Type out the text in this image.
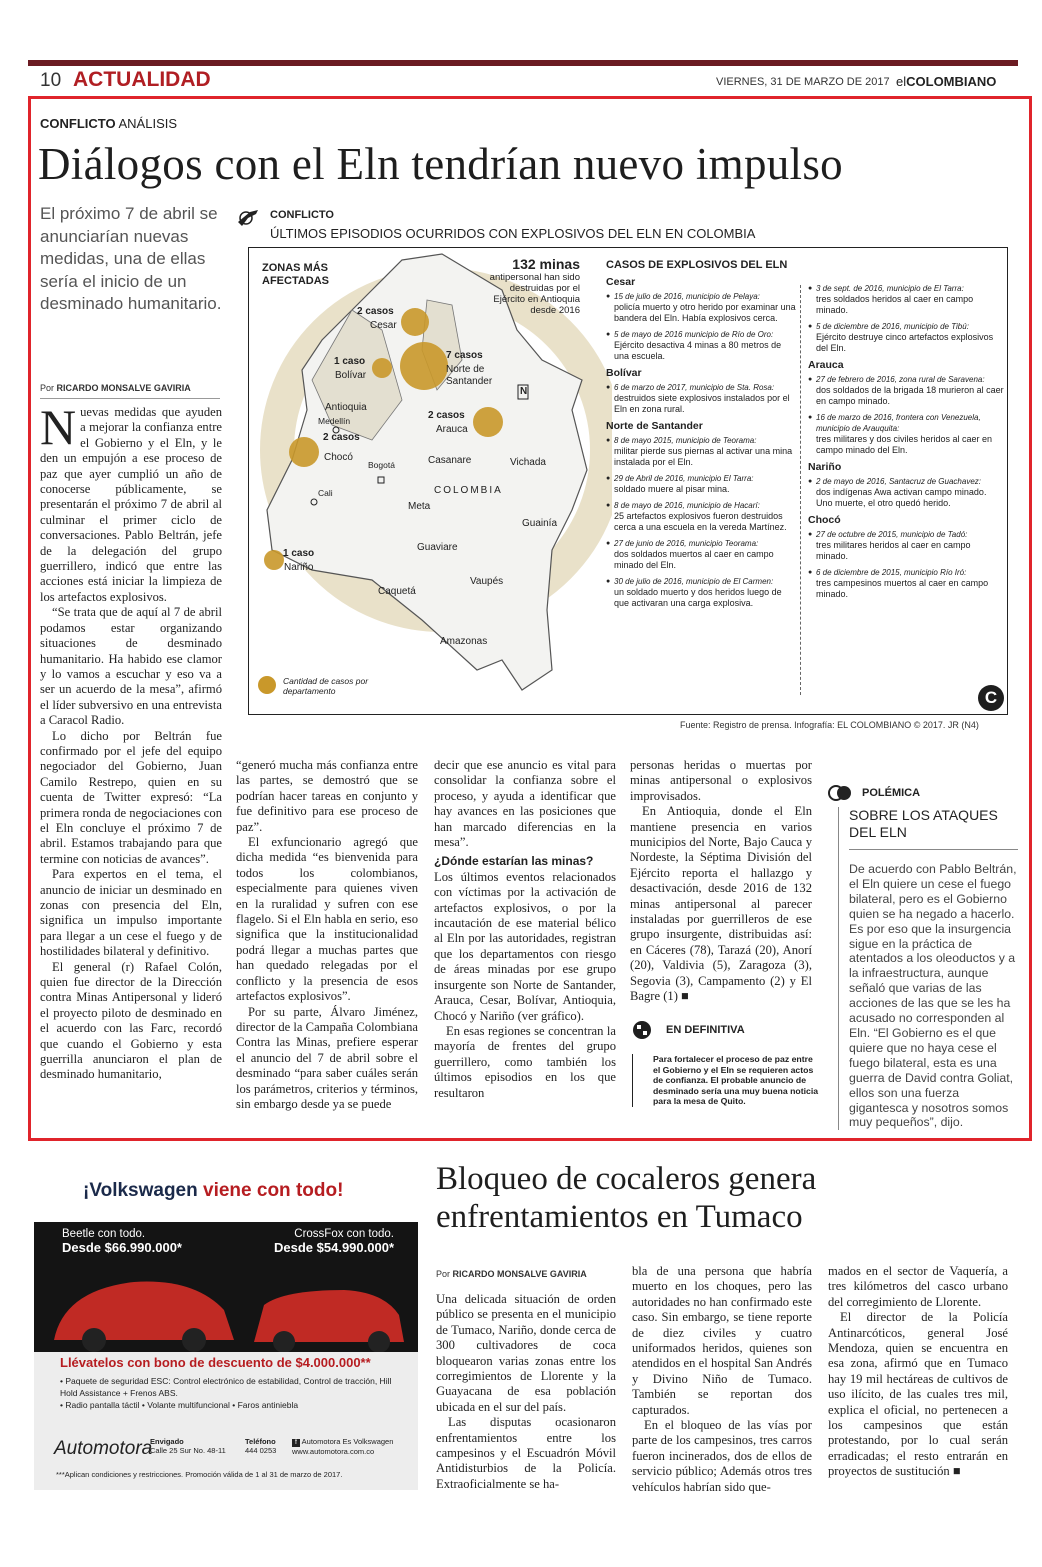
10 ACTUALIDAD	VIERNES, 31 DE MARZO DE 2017 elCOLOMBIANO
CONFLICTO ANÁLISIS
Diálogos con el Eln tendrían nuevo impulso
El próximo 7 de abril se anunciarían nuevas medidas, una de ellas sería el inicio de un desminado humanitario.
Por RICARDO MONSALVE GAVIRIA

Nuevas medidas que ayuden a mejorar la confianza entre el Gobierno y el Eln, y le den un empujón a ese proceso de paz que ayer cumplió un año de conocerse públicamente, se presentarán el próximo 7 de abril al culminar el primer ciclo de conversaciones. Pablo Beltrán, jefe de la delegación del grupo guerrillero, indicó que entre las acciones está iniciar la limpieza de los artefactos explosivos.

“Se trata que de aquí al 7 de abril podamos estar organizando situaciones de desminado humanitario. Ha habido ese clamor y lo vamos a escuchar y eso va a ser un acuerdo de la mesa”, afirmó el líder subversivo en una entrevista a Caracol Radio.

Lo dicho por Beltrán fue confirmado por el jefe del equipo negociador del Gobierno, Juan Camilo Restrepo, quien en su cuenta de Twitter expresó: “La primera ronda de negociaciones con el Eln concluye el próximo 7 de abril. Estamos trabajando para que termine con noticias de avances”.

Para expertos en el tema, el anuncio de iniciar un desminado en zonas con presencia del Eln, significa un impulso importante para llegar a un cese el fuego y de hostilidades bilateral y definitivo.

El general (r) Rafael Colón, quien fue director de la Dirección contra Minas Antipersonal y lideró el proyecto piloto de desminado en el acuerdo con las Farc, recordó que cuando el Gobierno y esta guerrilla anunciaron el plan de desminado humanitario,

“generó mucha más confianza entre las partes, se demostró que se podrían hacer tareas en conjunto y fue definitivo para ese proceso de paz”.

El exfuncionario agregó que dicha medida “es bienvenida para todos los colombianos, especialmente para quienes viven en la ruralidad y sufren con ese flagelo. Si el Eln habla en serio, eso significa que la institucionalidad podrá llegar a muchas partes que han quedado relegadas por el conflicto y la presencia de esos artefactos explosivos”.

Por su parte, Álvaro Jiménez, director de la Campaña Colombiana Contra las Minas, prefiere esperar el anuncio del 7 de abril sobre el desminado “para saber cuáles serán los parámetros, criterios y términos, sin embargo desde ya se puede

decir que ese anuncio es vital para consolidar la confianza sobre el proceso, y ayuda a identificar que hay avances en las posiciones que han marcado diferencias en la mesa”.

¿Dónde estarían las minas?

Los últimos eventos relacionados con víctimas por la activación de artefactos explosivos, o por la incautación de ese material bélico al Eln por las autoridades, registran que los departamentos con riesgo de áreas minadas por ese grupo insurgente son Norte de Santander, Arauca, Cesar, Bolívar, Antioquia, Chocó y Nariño (ver gráfico).

En esas regiones se concentran la mayoría de frentes del grupo guerrillero, como también los últimos episodios en los que resultaron

personas heridas o muertas por minas antipersonal o explosivos improvisados.

En Antioquia, donde el Eln mantiene presencia en varios municipios del Norte, Bajo Cauca y Nordeste, la Séptima División del Ejército reporta el hallazgo y desactivación, desde 2016 de 132 minas antipersonal al parecer instaladas por guerrilleros de ese grupo insurgente, distribuidas así: en Cáceres (78), Tarazá (20), Anorí (20), Valdivia (5), Zaragoza (3), Segovia (3), Campamento (2) y El Bagre (1) ■

EN DEFINITIVA
Para fortalecer el proceso de paz entre el Gobierno y el Eln se requieren actos de confianza. El probable anuncio de desminado sería una muy buena noticia para la mesa de Quito.
POLÉMICA
SOBRE LOS ATAQUES DEL ELN
De acuerdo con Pablo Beltrán, el Eln quiere un cese el fuego bilateral, pero es el Gobierno quien se ha negado a hacerlo. Es por eso que la insurgencia sigue en la práctica de atentados a los oleoductos y a la infraestructura, aunque señaló que varias de las acciones de las que se les ha acusado no corresponden al Eln. “El Gobierno es el que quiere que no haya cese el fuego bilateral, esta es una guerra de David contra Goliat, ellos son una fuerza gigantesca y nosotros somos muy pequeños”, dijo.
CONFLICTO
ÚLTIMOS EPISODIOS OCURRIDOS CON EXPLOSIVOS DEL ELN EN COLOMBIA
ZONAS MÁS AFECTADAS
132 minas
antipersonal han sido destruidas por el Ejército en Antioquia desde 2016
2 casos
Cesar
1 caso
Bolívar
7 casos
Norte de Santander
2 casos
Arauca
2 casos
Chocó
1 caso
Nariño
Antioquia
Medellín
Bogotá
Cali
Casanare	Vichada
COLOMBIA
Meta
Guainía
Guaviare
Vaupés
Caquetá
Amazonas
N
Cantidad de casos por departamento
CASOS DE EXPLOSIVOS DEL ELN
Cesar
● 15 de julio de 2016, municipio de Pelaya:
policía muerto y otro herido por examinar una bandera del Eln. Había explosivos cerca.
● 5 de mayo de 2016 municipio de Río de Oro:
Ejército desactiva 4 minas a 80 metros de una escuela.
Bolívar
● 6 de marzo de 2017, municipio de Sta. Rosa:
destruidos siete explosivos instalados por el Eln en zona rural.
Norte de Santander
● 8 de mayo 2015, municipio de Teorama:
militar pierde sus piernas al activar una mina instalada por el Eln.
● 29 de Abril de 2016, municipio El Tarra:
soldado muere al pisar mina.
● 8 de mayo de 2016, municipio de Hacarí:
25 artefactos explosivos fueron destruidos cerca a una escuela en la vereda Martínez.
● 27 de junio de 2016, municipio Teorama:
dos soldados muertos al caer en campo minado del Eln.
● 30 de julio de 2016, municipio de El Carmen:
un soldado muerto y dos heridos luego de que activaran una carga explosiva.
● 3 de sept. de 2016, municipio de El Tarra:
tres soldados heridos al caer en campo minado.
● 5 de diciembre de 2016, municipio de Tibú:
Ejército destruye cinco artefactos explosivos del Eln.
Arauca
● 27 de febrero de 2016, zona rural de Saravena:
dos soldados de la brigada 18 murieron al caer en campo minado.
● 16 de marzo de 2016, frontera con Venezuela, municipio de Arauquita:
tres militares y dos civiles heridos al caer en campo minado del Eln.
Nariño
● 2 de mayo de 2016, Santacruz de Guachavez:
dos indígenas Awa activan campo minado. Uno muerte, el otro quedó herido.
Chocó
● 27 de octubre de 2015, municipio de Tadó:
tres militares heridos al caer en campo minado.
● 6 de diciembre de 2015, municipio Río Iró:
tres campesinos muertos al caer en campo minado.
C
Fuente: Registro de prensa. Infografía: EL COLOMBIANO © 2017. JR (N4)
¡Volkswagen viene con todo!
Beetle con todo.
Desde $66.990.000*
CrossFox con todo.
Desde $54.990.000*
Llévatelos con bono de descuento de $4.000.000**
• Paquete de seguridad ESC: Control electrónico de estabilidad, Control de tracción, Hill Hold Assistance + Frenos ABS.
• Radio pantalla táctil • Volante multifuncional • Faros antiniebla
Automotora
Envigado
Calle 25 Sur No. 48-11
Teléfono
444 0253
f Automotora Es Volkswagen
www.automotora.com.co
***Aplican condiciones y restricciones. Promoción válida de 1 al 31 de marzo de 2017.
Bloqueo de cocaleros genera enfrentamientos en Tumaco
Por RICARDO MONSALVE GAVIRIA

Una delicada situación de orden público se presenta en el municipio de Tumaco, Nariño, donde cerca de 300 cultivadores de coca bloquearon varias zonas entre los corregimientos de Llorente y la Guayacana de esa población ubicada en el sur del país.

Las disputas ocasionaron enfrentamientos entre los campesinos y el Escuadrón Móvil Antidisturbios de la Policía. Extraoficialmente se ha-

bla de una persona que habría muerto en los choques, pero las autoridades no han confirmado este caso. Sin embargo, se tiene reporte de diez civiles y cuatro uniformados heridos, quienes son atendidos en el hospital San Andrés y Divino Niño de Tumaco. También se reportan dos capturados.

En el bloqueo de las vías por parte de los campesinos, tres carros fueron incinerados, dos de ellos de servicio público; Además otros tres vehículos habrían sido que-

mados en el sector de Vaquería, a tres kilómetros del casco urbano del corregimiento de Llorente.

El director de la Policía Antinarcóticos, general José Mendoza, quien se encuentra en esa zona, afirmó que en Tumaco hay 19 mil hectáreas de cultivos de uso ilícito, de las cuales tres mil, explica el oficial, no pertenecen a los campesinos que están protestando, por lo cual serán erradicadas; el resto entrarán en proyectos de sustitución ■
